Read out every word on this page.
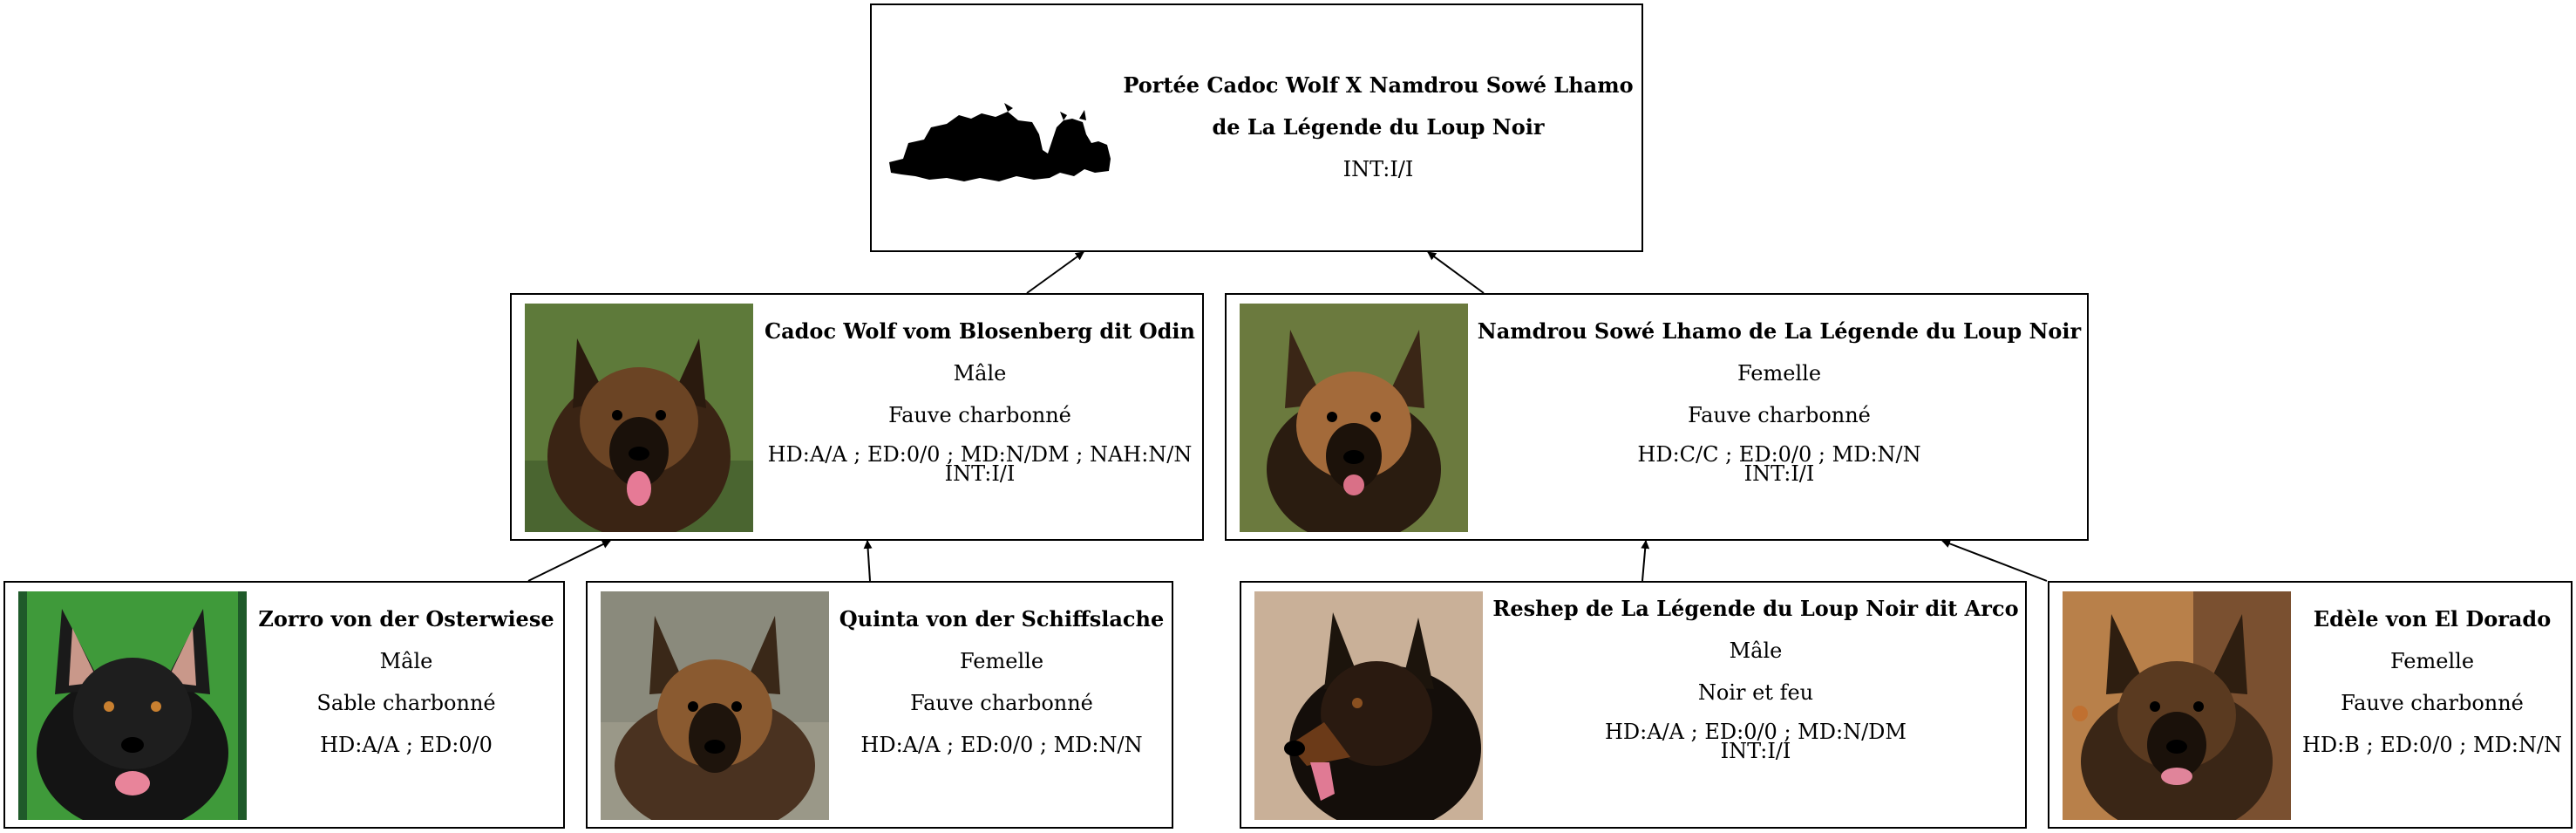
Portée Cadoc Wolf X Namdrou Sowé Lhamo
de La Légende du Loup Noir
INT:I/I
Cadoc Wolf vom Blosenberg dit Odin
Mâle
Fauve charbonné
HD:A/A ; ED:0/0 ; MD:N/DM ; NAH:N/N
INT:I/I
Namdrou Sowé Lhamo de La Légende du Loup Noir
Femelle
Fauve charbonné
HD:C/C ; ED:0/0 ; MD:N/N
INT:I/I
Zorro von der Osterwiese
Mâle
Sable charbonné
HD:A/A ; ED:0/0
Quinta von der Schiffslache
Femelle
Fauve charbonné
HD:A/A ; ED:0/0 ; MD:N/N
Reshep de La Légende du Loup Noir dit Arco
Mâle
Noir et feu
HD:A/A ; ED:0/0 ; MD:N/DM
INT:I/I
Edèle von El Dorado
Femelle
Fauve charbonné
HD:B ; ED:0/0 ; MD:N/N
